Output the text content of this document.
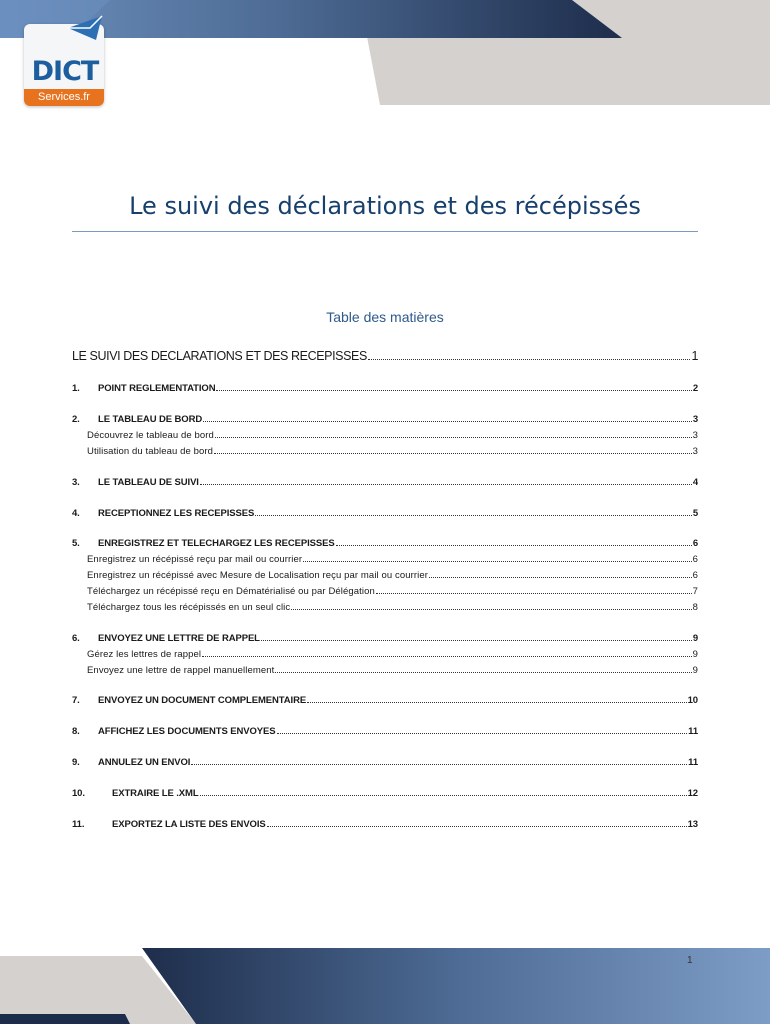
DICT
Services.fr
Le suivi des déclarations et des récépissés
Table des matières
LE SUIVI DES DECLARATIONS ET DES RECEPISSES	1
1.	POINT REGLEMENTATION	2
2.	LE TABLEAU DE BORD	3
Découvrez le tableau de bord	3
Utilisation du tableau de bord	3
3.	LE TABLEAU DE SUIVI	4
4.	RECEPTIONNEZ LES RECEPISSES	5
5.	ENREGISTREZ ET TELECHARGEZ LES RECEPISSES	6
Enregistrez un récépissé reçu par mail ou courrier	6
Enregistrez un récépissé avec Mesure de Localisation reçu par mail ou courrier	6
Téléchargez un récépissé reçu en Dématérialisé ou par Délégation	7
Téléchargez tous les récépissés en un seul clic	8
6.	ENVOYEZ UNE LETTRE DE RAPPEL	9
Gérez les lettres de rappel	9
Envoyez une lettre de rappel manuellement	9
7.	ENVOYEZ UN DOCUMENT COMPLEMENTAIRE	10
8.	AFFICHEZ LES DOCUMENTS ENVOYES	11
9.	ANNULEZ UN ENVOI	11
10.	EXTRAIRE LE .XML	12
11.	EXPORTEZ LA LISTE DES ENVOIS	13
1
